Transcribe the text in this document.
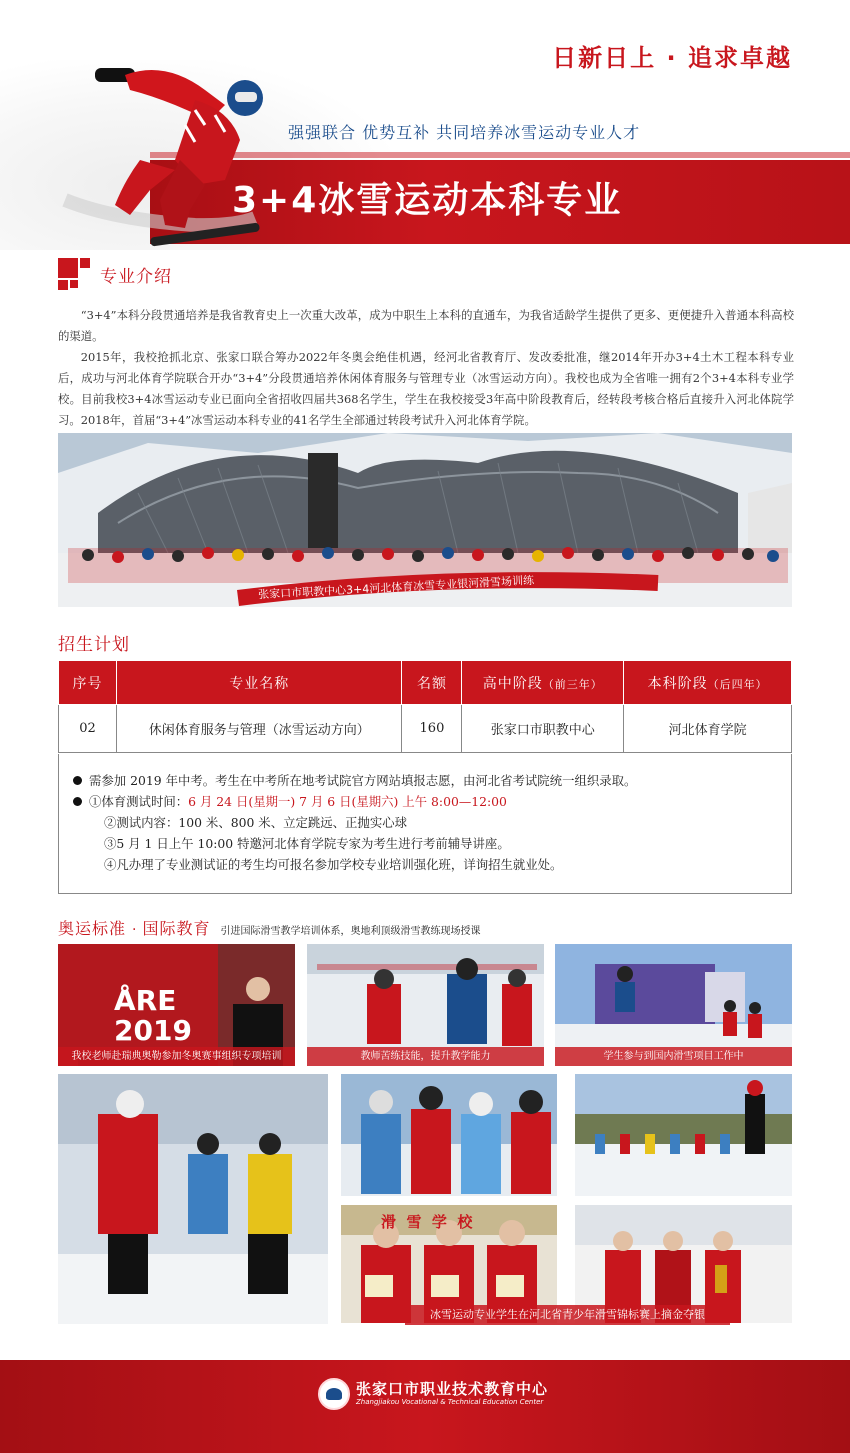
日新日上 · 追求卓越
强强联合 优势互补 共同培养冰雪运动专业人才
3+4冰雪运动本科专业
专业介绍

“3+4”本科分段贯通培养是我省教育史上一次重大改革，成为中职生上本科的直通车，为我省适龄学生提供了更多、更便捷升入普通本科高校的渠道。

2015年，我校抢抓北京、张家口联合筹办2022年冬奥会绝佳机遇，经河北省教育厅、发改委批准，继2014年开办3+4土木工程本科专业后，成功与河北体育学院联合开办“3+4”分段贯通培养休闲体育服务与管理专业（冰雪运动方向）。我校也成为全省唯一拥有2个3+4本科专业学校。目前我校3+4冰雪运动专业已面向全省招收四届共368名学生，学生在我校接受3年高中阶段教育后，经转段考核合格后直接升入河北体院学习。2018年，首届“3+4”冰雪运动本科专业的41名学生全部通过转段考试升入河北体育学院。

张家口市职教中心3+4河北体育冰雪专业银河滑雪场训练
招生计划
序号	专业名称	名额	高中阶段（前三年）	本科阶段（后四年）
02	休闲体育服务与管理（冰雪运动方向）	160	张家口市职教中心	河北体育学院
需参加 2019 年中考。考生在中考所在地考试院官方网站填报志愿，由河北省考试院统一组织录取。
①体育测试时间：6 月 24 日(星期一) 7 月 6 日(星期六) 上午 8:00—12:00
②测试内容：100 米、800 米、立定跳远、正抛实心球
③5 月 1 日上午 10:00 特邀河北体育学院专家为考生进行考前辅导讲座。
④凡办理了专业测试证的考生均可报名参加学校专业培训强化班，详询招生就业处。
奥运标准 · 国际教育 引进国际滑雪教学培训体系，奥地利顶级滑雪教练现场授课
ÅRE 2019
我校老师赴瑞典奥勒参加冬奥赛事组织专项培训	教师苦练技能，提升教学能力	学生参与到国内滑雪项目工作中
滑  雪  学  校
冰雪运动专业学生在河北省青少年滑雪锦标赛上摘金夺银
张家口市职业技术教育中心
Zhangjiakou Vocational & Technical Education Center
